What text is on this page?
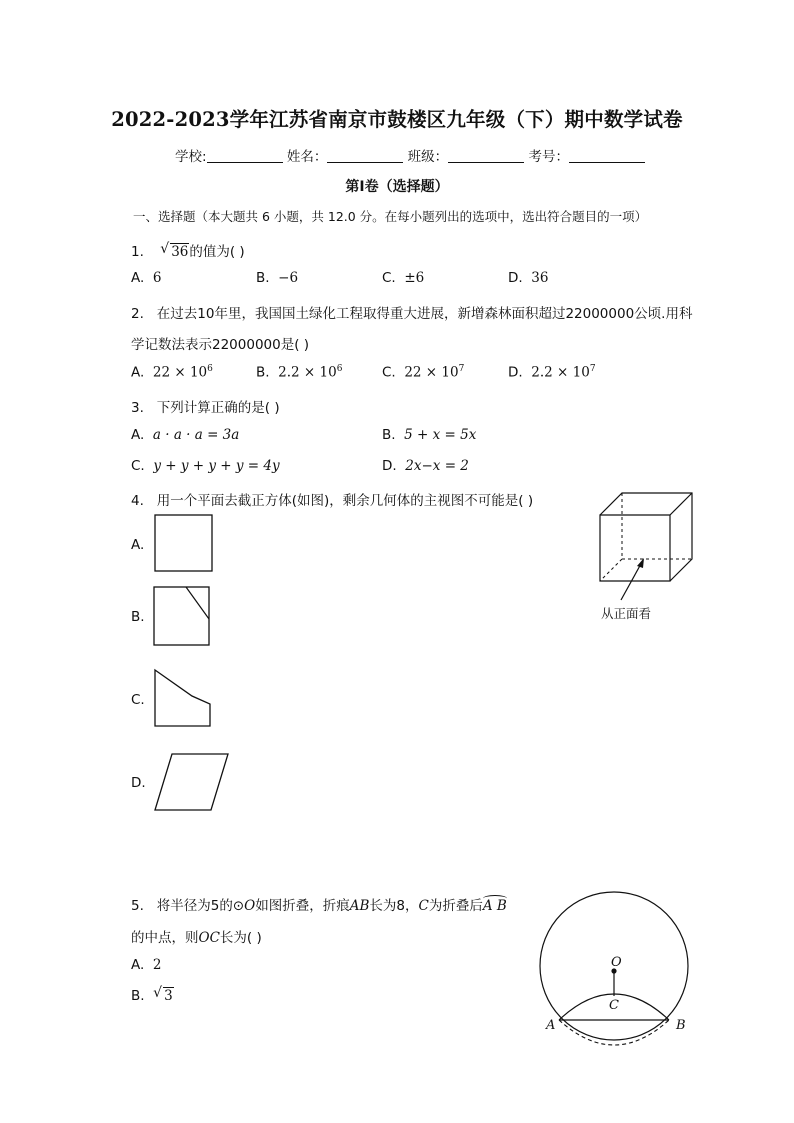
2022-2023学年江苏省南京市鼓楼区九年级（下）期中数学试卷
学校:	姓名：	班级：	考号：
第I卷（选择题）
一、选择题（本大题共 6 小题，共 12.0 分。在每小题列出的选项中，选出符合题目的一项）
1. √ 36的值为( )
A. 6	B. −6	C. ±6	D. 36
2. 在过去10年里，我国国土绿化工程取得重大进展，新增森林面积超过22000000公顷.用科
学记数法表示22000000是( )
A. $22 \times 10^6$	B. $2.2 \times 10^6$	C. $22 \times 10^7$	D. $2.2 \times 10^7$
3. 下列计算正确的是( )
A. a · a · a = 3a	B. 5 + x = 5x
C. y + y + y + y = 4y	D. 2x−x = 2
4. 用一个平面去截正方体(如图)，剩余几何体的主视图不可能是( )
从正面看
A.
B.
C.
D.
5. 将半径为5的⊙O如图折叠，折痕AB长为8，C为折叠后A B
的中点，则OC长为( )
A. 2
B. √ 3
O
C
A	B
